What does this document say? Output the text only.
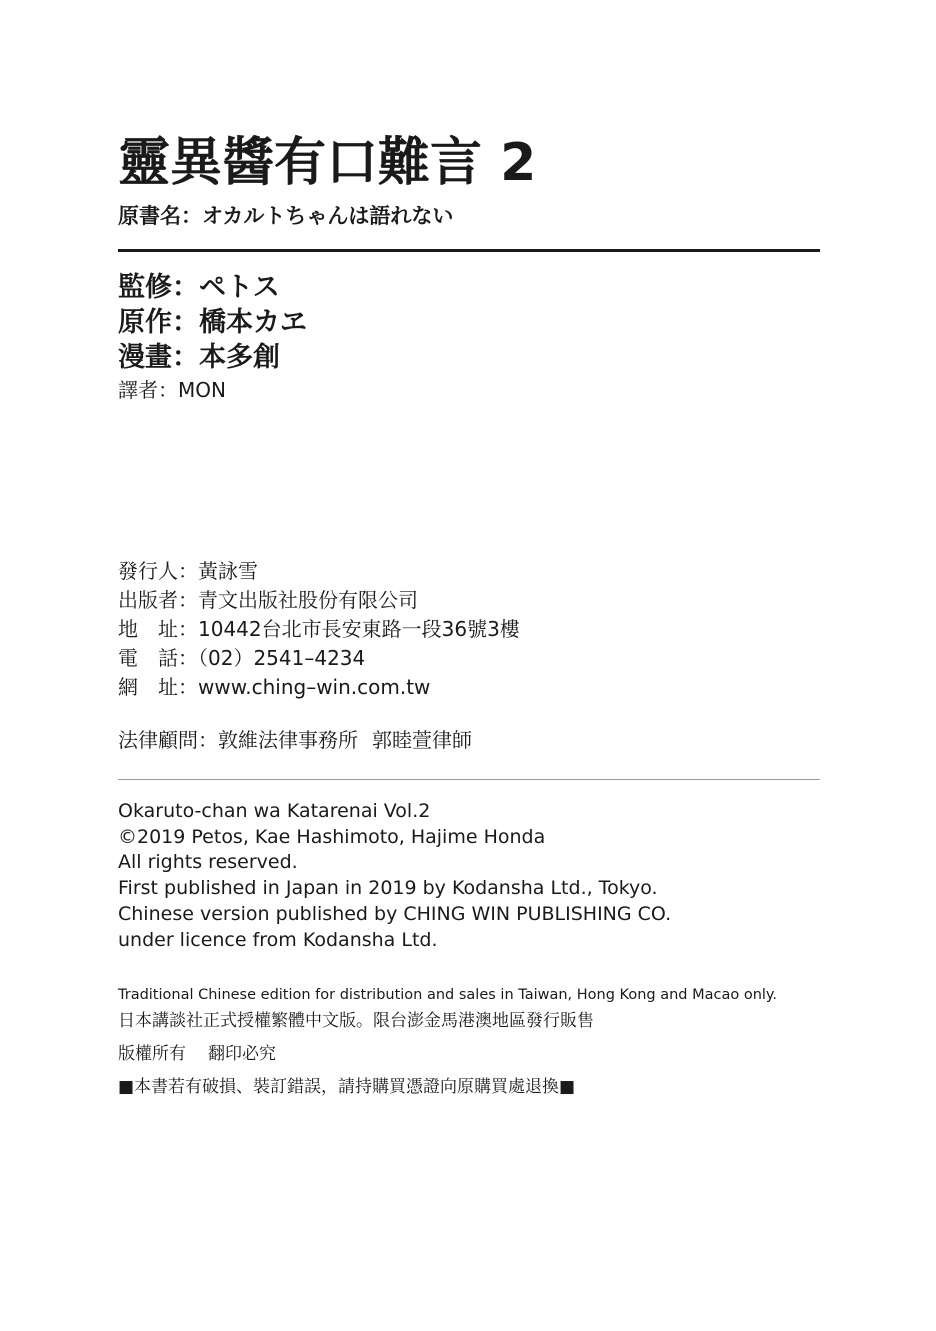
靈異醬有口難言 2
原書名：オカルトちゃんは語れない
監修：ペトス
原作：橋本カヱ
漫畫：本多創
譯者：MON
發行人：黃詠雪
出版者：青文出版社股份有限公司
地　址：10442台北市長安東路一段36號3樓
電　話：（02）2541–4234
網　址：www.ching–win.com.tw
法律顧問：敦維法律事務所 郭睦萱律師
Okaruto-chan wa Katarenai Vol.2
©2019 Petos, Kae Hashimoto, Hajime Honda
All rights reserved.
First published in Japan in 2019 by Kodansha Ltd., Tokyo.
Chinese version published by CHING WIN PUBLISHING CO.
under licence from Kodansha Ltd.
Traditional Chinese edition for distribution and sales in Taiwan, Hong Kong and Macao only.
日本講談社正式授權繁體中文版。限台澎金馬港澳地區發行販售
版權所有 翻印必究
■本書若有破損、裝訂錯誤，請持購買憑證向原購買處退換■
